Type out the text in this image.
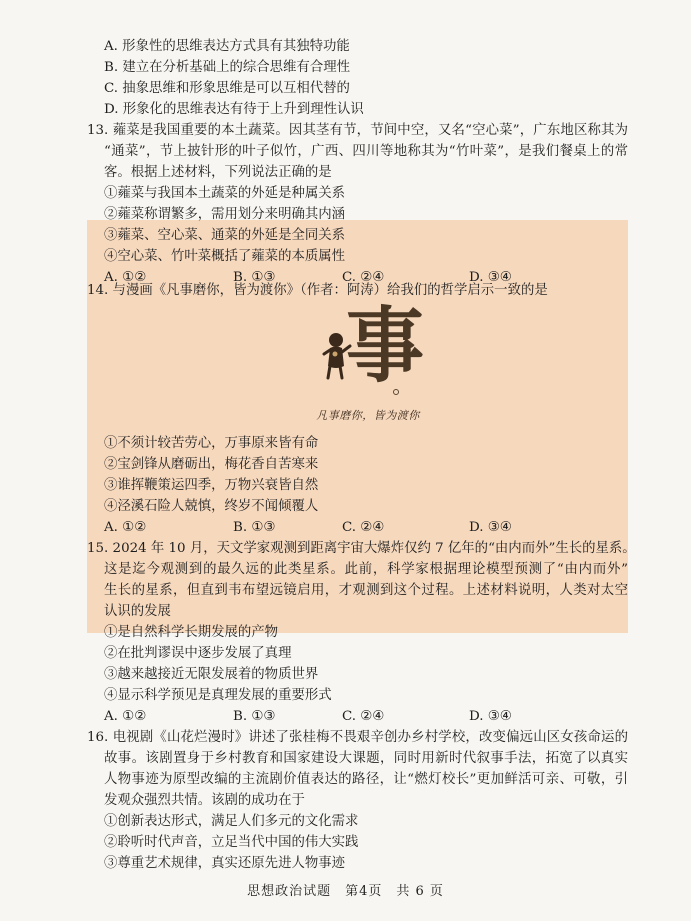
A. 形象性的思维表达方式具有其独特功能
B. 建立在分析基础上的综合思维有合理性
C. 抽象思维和形象思维是可以互相代替的
D. 形象化的思维表达有待于上升到理性认识
13. 蕹菜是我国重要的本土蔬菜。因其茎有节，节间中空，又名“空心菜”，广东地区称其为
“通菜”，节上披针形的叶子似竹，广西、四川等地称其为“竹叶菜”，是我们餐桌上的常
客。根据上述材料，下列说法正确的是
①蕹菜与我国本土蔬菜的外延是种属关系
②蕹菜称谓繁多，需用划分来明确其内涵
③蕹菜、空心菜、通菜的外延是全同关系
④空心菜、竹叶菜概括了蕹菜的本质属性
A. ①②	B. ①③	C. ②④	D. ③④
14. 与漫画《凡事磨你，皆为渡你》（作者：阿涛）给我们的哲学启示一致的是
事
凡事磨你，皆为渡你
①不须计较苦劳心，万事原来皆有命
②宝剑锋从磨砺出，梅花香自苦寒来
③谁挥鞭策运四季，万物兴衰皆自然
④泾溪石险人兢慎，终岁不闻倾覆人
A. ①②	B. ①③	C. ②④	D. ③④
15. 2024 年 10 月，天文学家观测到距离宇宙大爆炸仅约 7 亿年的“由内而外”生长的星系。
这是迄今观测到的最久远的此类星系。此前，科学家根据理论模型预测了“由内而外”
生长的星系，但直到韦布望远镜启用，才观测到这个过程。上述材料说明，人类对太空
认识的发展
①是自然科学长期发展的产物
②在批判谬误中逐步发展了真理
③越来越接近无限发展着的物质世界
④显示科学预见是真理发展的重要形式
A. ①②	B. ①③	C. ②④	D. ③④
16. 电视剧《山花烂漫时》讲述了张桂梅不畏艰辛创办乡村学校，改变偏远山区女孩命运的
故事。该剧置身于乡村教育和国家建设大课题，同时用新时代叙事手法，拓宽了以真实
人物事迹为原型改编的主流剧价值表达的路径，让“燃灯校长”更加鲜活可亲、可敬，引
发观众强烈共情。该剧的成功在于
①创新表达形式，满足人们多元的文化需求
②聆听时代声音，立足当代中国的伟大实践
③尊重艺术规律，真实还原先进人物事迹
思想政治试题　第4页　共 6 页
